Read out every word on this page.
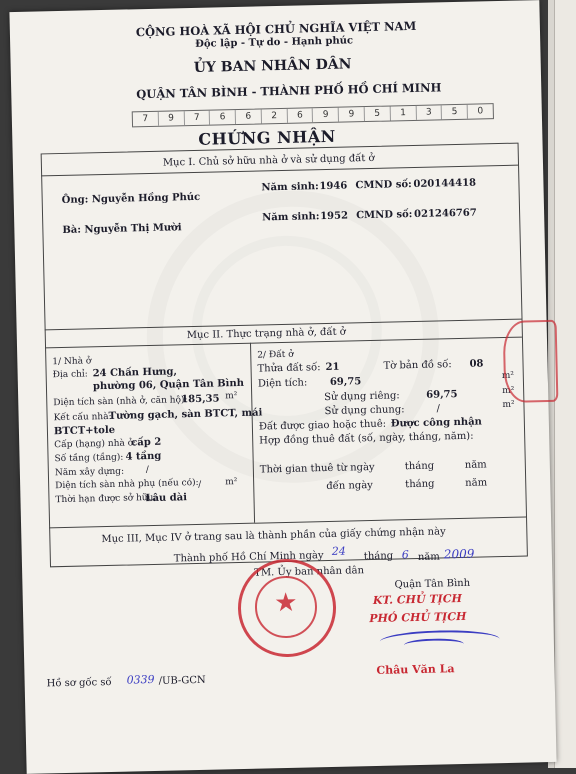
CỘNG HOÀ XÃ HỘI CHỦ NGHĨA VIỆT NAM
Độc lập - Tự do - Hạnh phúc
ỦY BAN NHÂN DÂN
QUẬN TÂN BÌNH - THÀNH PHỐ HỒ CHÍ MINH
7	9	7	6	6	2	6	9	9	5	1	3	5	0
CHỨNG NHẬN
Mục I. Chủ sở hữu nhà ở và sử dụng đất ở
Ông: Nguyễn Hồng Phúc
Năm sinh: 1946 CMND số: 020144418
Bà: Nguyễn Thị Mười
Năm sinh: 1952 CMND số: 021246767
Mục II. Thực trạng nhà ở, đất ở
1/ Nhà ở
Địa chỉ: 24 Chấn Hưng,
phường 06, Quận Tân Bình
Diện tích sàn (nhà ở, căn hộ):
185,35 m²
Kết cấu nhà:
Tường gạch, sàn BTCT, mái
BTCT+tole
Cấp (hạng) nhà ở:
cấp 2
Số tầng (tầng): 4 tầng
Năm xây dựng: /
Diện tích sàn nhà phụ (nếu có): /	m²
Thời hạn được sở hữu:
Lâu dài
2/ Đất ở
Thửa đất số: 21	Tờ bản đồ số: 08
Diện tích: 69,75
m²
Sử dụng riêng:	69,75	m²
Sử dụng chung:	/	m²
Đất được giao hoặc thuê: Được công nhận
Hợp đồng thuê đất (số, ngày, tháng, năm):
Thời gian thuê từ ngày	tháng	năm
đến ngày	tháng	năm
Mục III, Mục IV ở trang sau là thành phần của giấy chứng nhận này
Thành phố Hồ Chí Minh ngày 24 tháng 6 năm 2009
TM. Ủy ban nhân dân
Quận Tân Bình
KT. CHỦ TỊCH
PHÓ CHỦ TỊCH
Châu Văn La
★
Hồ sơ gốc số 0339 /UB-GCN
